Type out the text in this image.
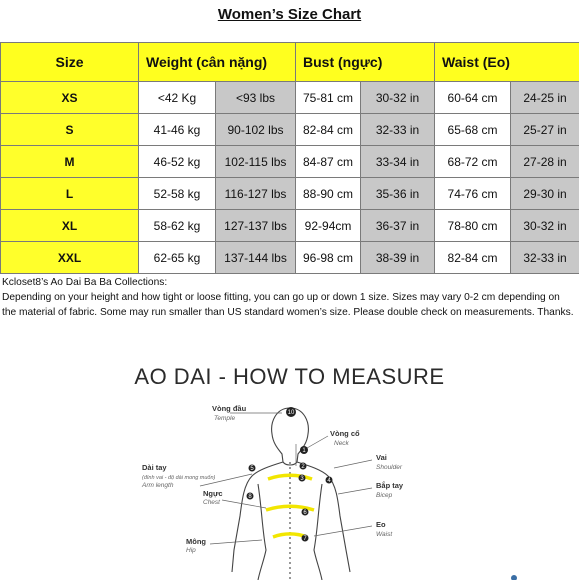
Women’s Size Chart
Size	Weight (cân nặng)		Bust (ngực)		Waist (Eo)	
XS	<42 Kg	<93 lbs	75-81 cm	30-32 in	60-64 cm	24-25 in
S	41-46 kg	90-102 lbs	82-84 cm	32-33 in	65-68 cm	25-27 in
M	46-52 kg	102-115 lbs	84-87 cm	33-34 in	68-72 cm	27-28 in
L	52-58 kg	116-127 lbs	88-90 cm	35-36 in	74-76 cm	29-30 in
XL	58-62 kg	127-137 lbs	92-94cm	36-37 in	78-80 cm	30-32 in
XXL	62-65 kg	137-144 lbs	96-98 cm	38-39 in	82-84 cm	32-33 in
Kcloset8’s Ao Dai Ba Ba Collections:
Depending on your height and how tight or loose fitting, you can go up or down 1 size. Sizes may vary 0-2 cm depending on
the material of fabric. Some may run smaller than US standard women’s size. Please double check on measurements. Thanks.
AO DAI - HOW TO MEASURE
10
1
2
3	4
5
6
7
8
Vòng đầu
Temple
Vòng cổ
Neck
Vai
Shoulder
Dài tay
(đính vai - độ dài mong muốn)
Arm length	Bắp tay
Bicep
Ngực
Chest
Eo
Waist
Mông
Hip
